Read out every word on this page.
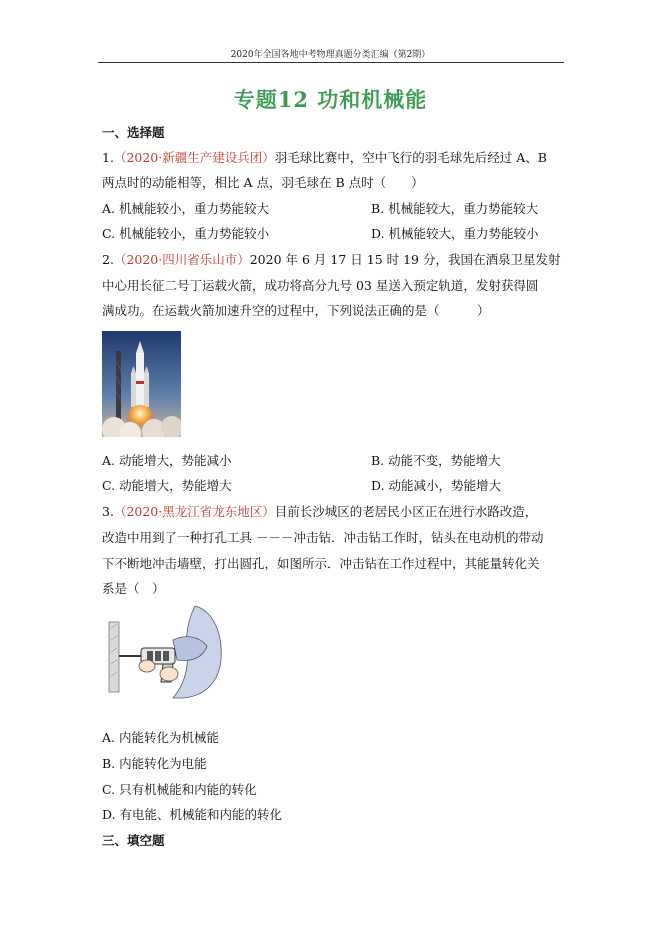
2020年全国各地中考物理真题分类汇编（第2期）
专题12 功和机械能
一、选择题
1.（2020·新疆生产建设兵团）羽毛球比赛中，空中飞行的羽毛球先后经过 A、B
两点时的动能相等，相比 A 点，羽毛球在 B 点时（　　）
A. 机械能较小，重力势能较大	B. 机械能较大，重力势能较大
C. 机械能较小，重力势能较小	D. 机械能较大，重力势能较小
2.（2020·四川省乐山市）2020 年 6 月 17 日 15 时 19 分，我国在酒泉卫星发射
中心用长征二号丁运载火箭，成功将高分九号 03 星送入预定轨道，发射获得圆
满成功。在运载火箭加速升空的过程中，下列说法正确的是（　　　）
A. 动能增大，势能减小	B. 动能不变，势能增大
C. 动能增大，势能增大	D. 动能减小，势能增大
3.（2020·黑龙江省龙东地区）目前长沙城区的老居民小区正在进行水路改造，
改造中用到了一种打孔工具 －－－冲击钻．冲击钻工作时，钻头在电动机的带动
下不断地冲击墙壁，打出圆孔，如图所示．冲击钻在工作过程中，其能量转化关
系是（　）
A. 内能转化为机械能
B. 内能转化为电能
C. 只有机械能和内能的转化
D. 有电能、机械能和内能的转化
三、填空题
